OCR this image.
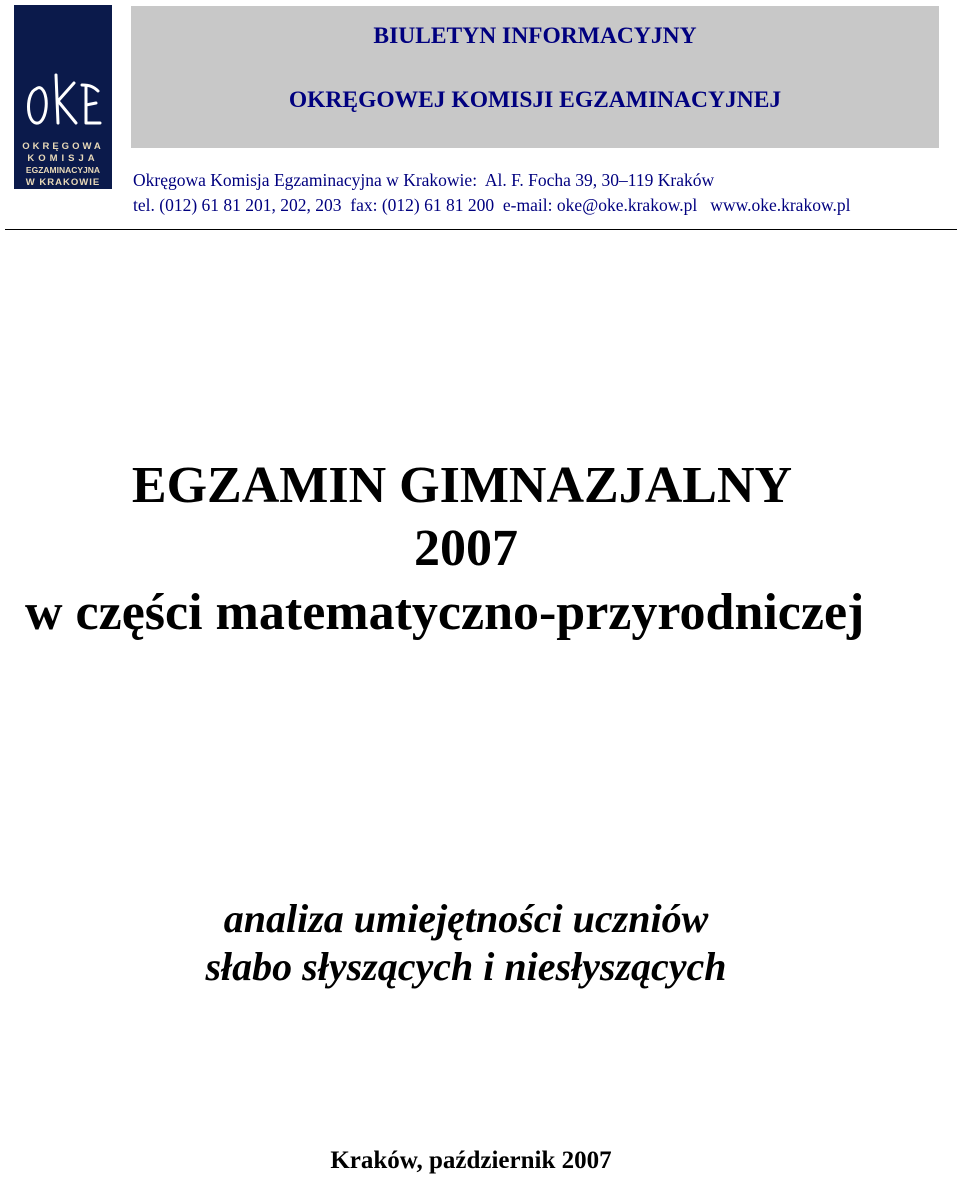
OKRĘGOWA
KOMISJA
EGZAMINACYJNA
W KRAKOWIE
BIULETYN INFORMACYJNY
OKRĘGOWEJ KOMISJI EGZAMINACYJNEJ
Okręgowa Komisja Egzaminacyjna w Krakowie:  Al. F. Focha 39, 30–119 Kraków
tel. (012) 61 81 201, 202, 203  fax: (012) 61 81 200  e-mail: oke@oke.krakow.pl   www.oke.krakow.pl
EGZAMIN GIMNAZJALNY
2007
w części matematyczno-przyrodniczej
analiza umiejętności uczniów
słabo słyszących i niesłyszących
Kraków, październik 2007
